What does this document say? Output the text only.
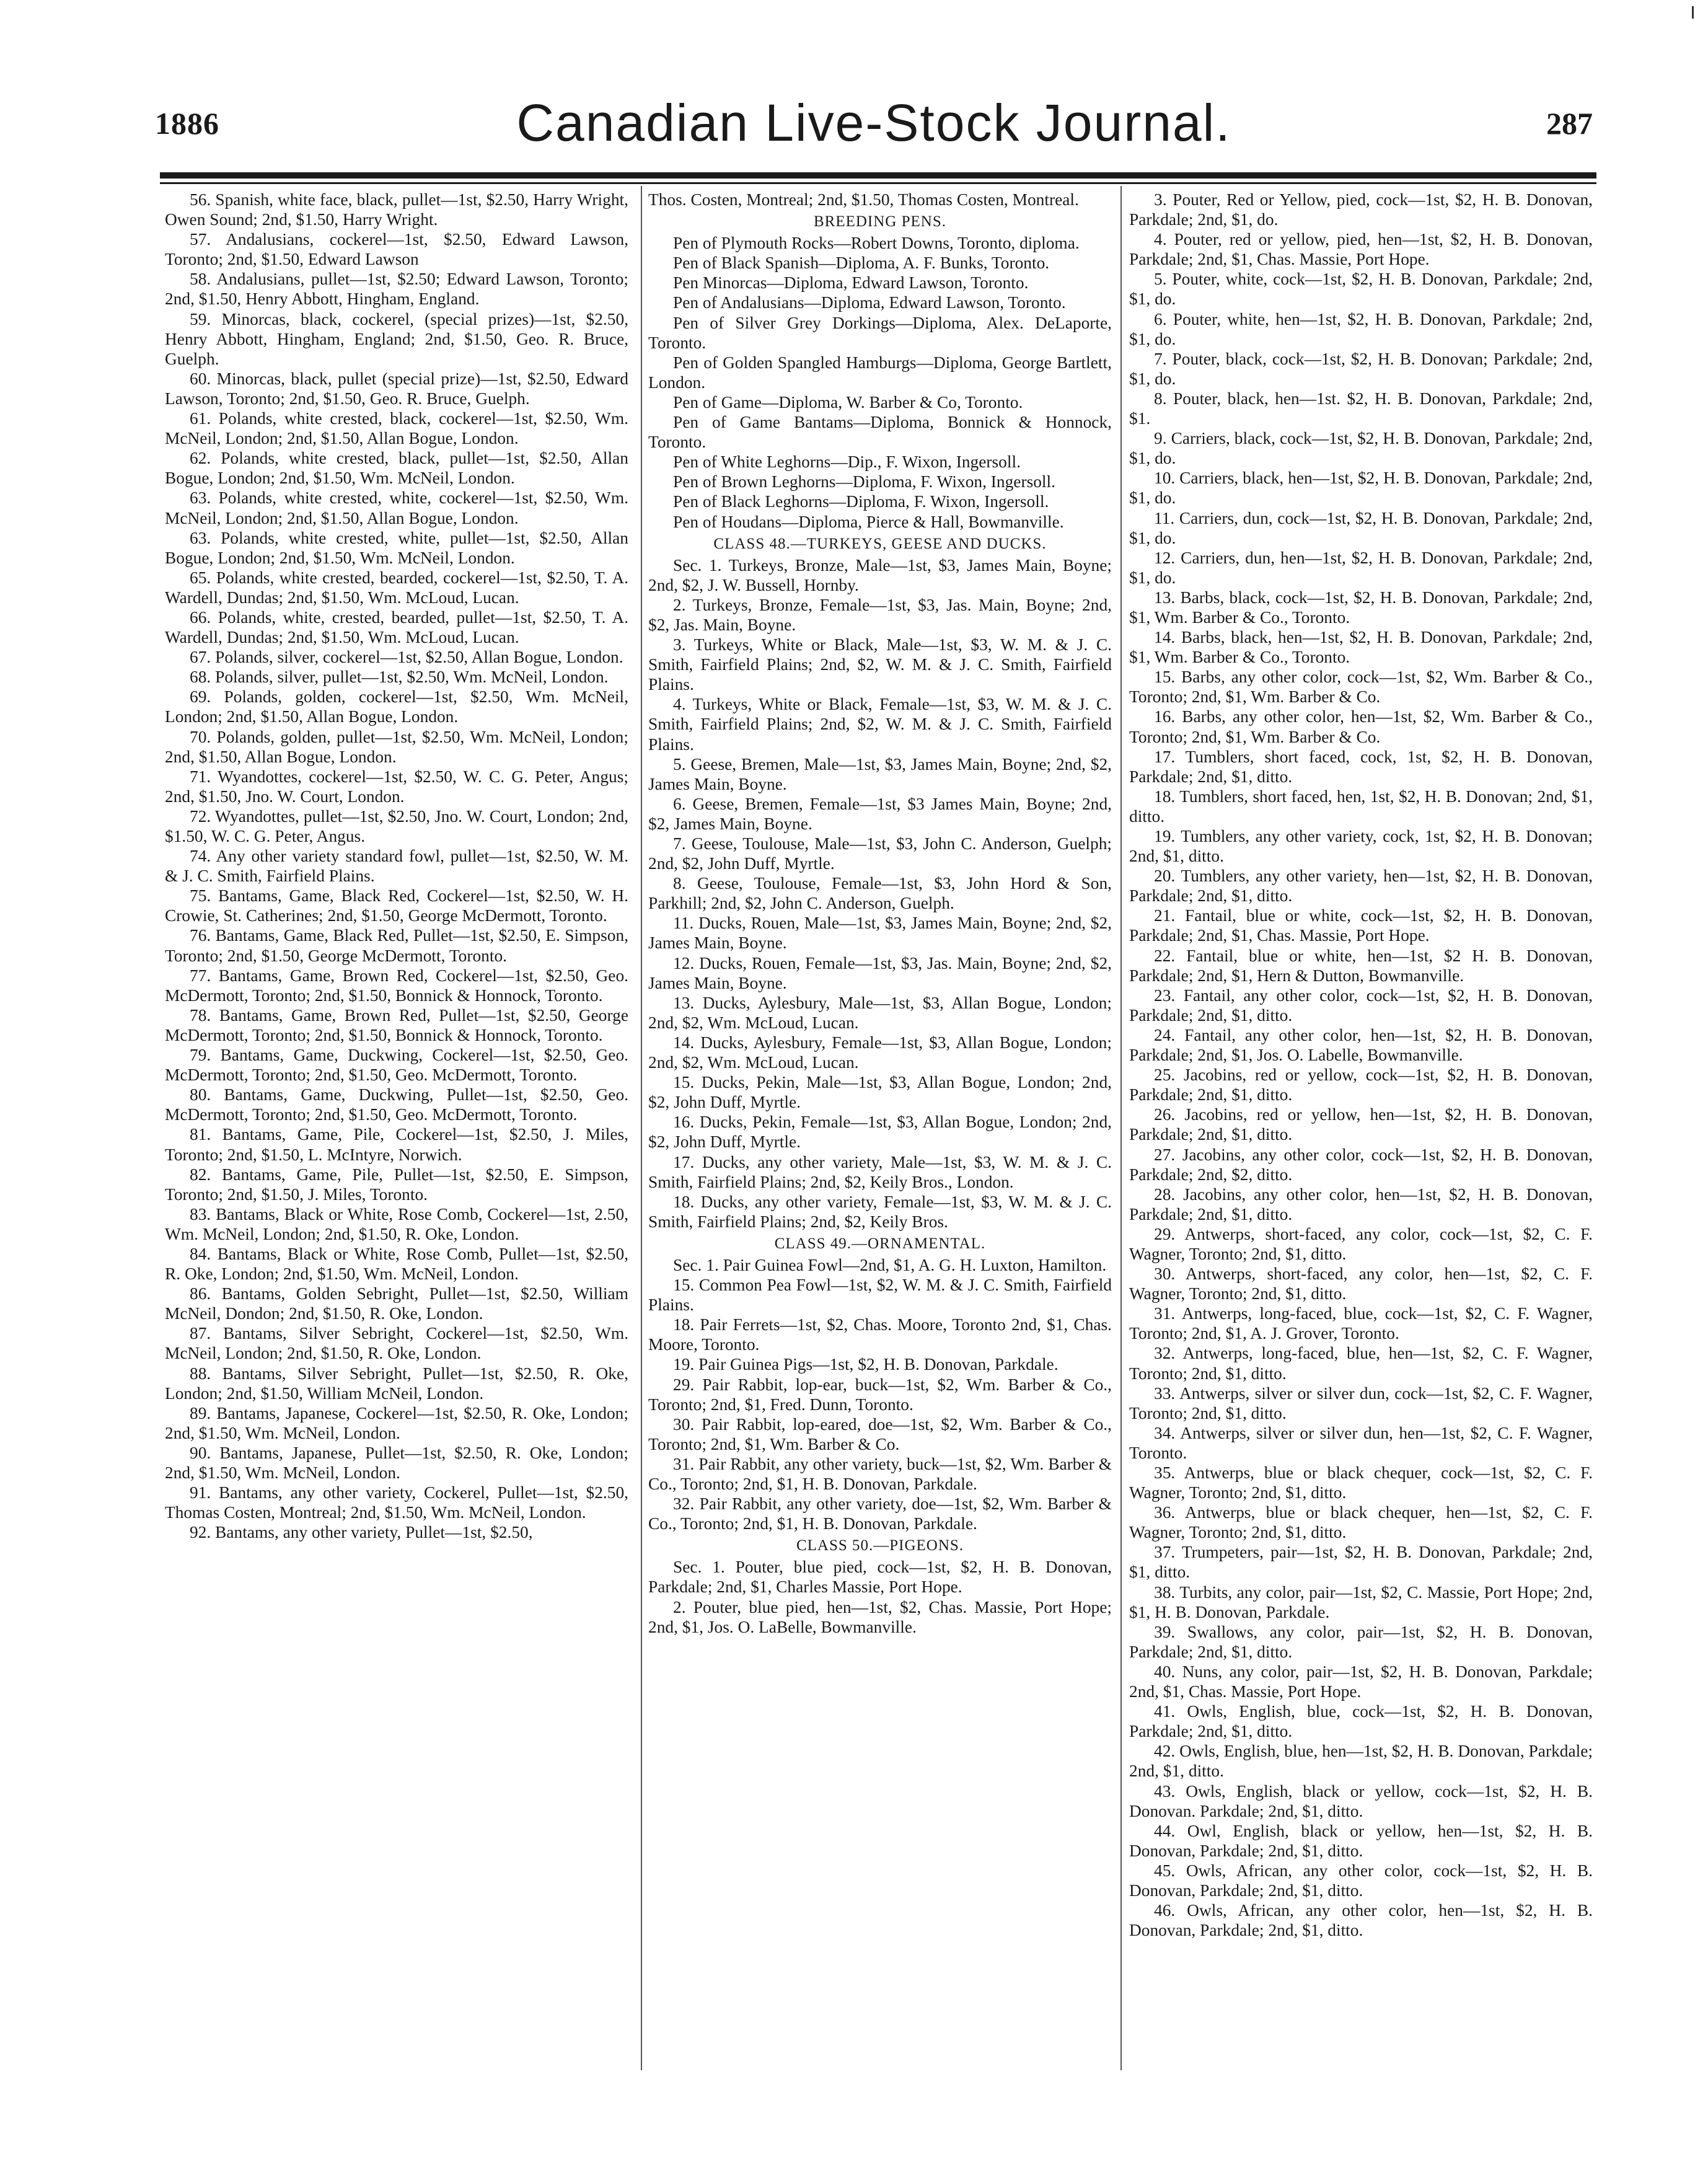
1886	Canadian Live-Stock Journal.	287

56. Spanish, white face, black, pullet—1st, $2.50, Harry Wright, Owen Sound; 2nd, $1.50, Harry Wright.

57. Andalusians, cockerel—1st, $2.50, Edward Lawson, Toronto; 2nd, $1.50, Edward Lawson

58. Andalusians, pullet—1st, $2.50; Edward Lawson, Toronto; 2nd, $1.50, Henry Abbott, Hingham, England.

59. Minorcas, black, cockerel, (special prizes)—1st, $2.50, Henry Abbott, Hingham, England; 2nd, $1.50, Geo. R. Bruce, Guelph.

60. Minorcas, black, pullet (special prize)—1st, $2.50, Edward Lawson, Toronto; 2nd, $1.50, Geo. R. Bruce, Guelph.

61. Polands, white crested, black, cockerel—1st, $2.50, Wm. McNeil, London; 2nd, $1.50, Allan Bogue, London.

62. Polands, white crested, black, pullet—1st, $2.50, Allan Bogue, London; 2nd, $1.50, Wm. McNeil, London.

63. Polands, white crested, white, cockerel—1st, $2.50, Wm. McNeil, London; 2nd, $1.50, Allan Bogue, London.

63. Polands, white crested, white, pullet—1st, $2.50, Allan Bogue, London; 2nd, $1.50, Wm. McNeil, London.

65. Polands, white crested, bearded, cockerel—1st, $2.50, T. A. Wardell, Dundas; 2nd, $1.50, Wm. McLoud, Lucan.

66. Polands, white, crested, bearded, pullet—1st, $2.50, T. A. Wardell, Dundas; 2nd, $1.50, Wm. McLoud, Lucan.

67. Polands, silver, cockerel—1st, $2.50, Allan Bogue, London.

68. Polands, silver, pullet—1st, $2.50, Wm. McNeil, London.

69. Polands, golden, cockerel—1st, $2.50, Wm. McNeil, London; 2nd, $1.50, Allan Bogue, London.

70. Polands, golden, pullet—1st, $2.50, Wm. McNeil, London; 2nd, $1.50, Allan Bogue, London.

71. Wyandottes, cockerel—1st, $2.50, W. C. G. Peter, Angus; 2nd, $1.50, Jno. W. Court, London.

72. Wyandottes, pullet—1st, $2.50, Jno. W. Court, London; 2nd, $1.50, W. C. G. Peter, Angus.

74. Any other variety standard fowl, pullet—1st, $2.50, W. M. & J. C. Smith, Fairfield Plains.

75. Bantams, Game, Black Red, Cockerel—1st, $2.50, W. H. Crowie, St. Catherines; 2nd, $1.50, George McDermott, Toronto.

76. Bantams, Game, Black Red, Pullet—1st, $2.50, E. Simpson, Toronto; 2nd, $1.50, George McDermott, Toronto.

77. Bantams, Game, Brown Red, Cockerel—1st, $2.50, Geo. McDermott, Toronto; 2nd, $1.50, Bonnick & Honnock, Toronto.

78. Bantams, Game, Brown Red, Pullet—1st, $2.50, George McDermott, Toronto; 2nd, $1.50, Bonnick & Honnock, Toronto.

79. Bantams, Game, Duckwing, Cockerel—1st, $2.50, Geo. McDermott, Toronto; 2nd, $1.50, Geo. McDermott, Toronto.

80. Bantams, Game, Duckwing, Pullet—1st, $2.50, Geo. McDermott, Toronto; 2nd, $1.50, Geo. McDermott, Toronto.

81. Bantams, Game, Pile, Cockerel—1st, $2.50, J. Miles, Toronto; 2nd, $1.50, L. McIntyre, Norwich.

82. Bantams, Game, Pile, Pullet—1st, $2.50, E. Simpson, Toronto; 2nd, $1.50, J. Miles, Toronto.

83. Bantams, Black or White, Rose Comb, Cockerel—1st, 2.50, Wm. McNeil, London; 2nd, $1.50, R. Oke, London.

84. Bantams, Black or White, Rose Comb, Pullet—1st, $2.50, R. Oke, London; 2nd, $1.50, Wm. McNeil, London.

86. Bantams, Golden Sebright, Pullet—1st, $2.50, William McNeil, Dondon; 2nd, $1.50, R. Oke, London.

87. Bantams, Silver Sebright, Cockerel—1st, $2.50, Wm. McNeil, London; 2nd, $1.50, R. Oke, London.

88. Bantams, Silver Sebright, Pullet—1st, $2.50, R. Oke, London; 2nd, $1.50, William McNeil, London.

89. Bantams, Japanese, Cockerel—1st, $2.50, R. Oke, London; 2nd, $1.50, Wm. McNeil, London.

90. Bantams, Japanese, Pullet—1st, $2.50, R. Oke, London; 2nd, $1.50, Wm. McNeil, London.

91. Bantams, any other variety, Cockerel, Pullet—1st, $2.50, Thomas Costen, Montreal; 2nd, $1.50, Wm. McNeil, London.

92. Bantams, any other variety, Pullet—1st, $2.50,

Thos. Costen, Montreal; 2nd, $1.50, Thomas Costen, Montreal.

BREEDING PENS.

Pen of Plymouth Rocks—Robert Downs, Toronto, diploma.

Pen of Black Spanish—Diploma, A. F. Bunks, Toronto.

Pen Minorcas—Diploma, Edward Lawson, Toronto.

Pen of Andalusians—Diploma, Edward Lawson, Toronto.

Pen of Silver Grey Dorkings—Diploma, Alex. DeLaporte, Toronto.

Pen of Golden Spangled Hamburgs—Diploma, George Bartlett, London.

Pen of Game—Diploma, W. Barber & Co, Toronto.

Pen of Game Bantams—Diploma, Bonnick & Honnock, Toronto.

Pen of White Leghorns—Dip., F. Wixon, Ingersoll.

Pen of Brown Leghorns—Diploma, F. Wixon, Ingersoll.

Pen of Black Leghorns—Diploma, F. Wixon, Ingersoll.

Pen of Houdans—Diploma, Pierce & Hall, Bowmanville.

CLASS 48.—TURKEYS, GEESE AND DUCKS.

Sec. 1. Turkeys, Bronze, Male—1st, $3, James Main, Boyne; 2nd, $2, J. W. Bussell, Hornby.

2. Turkeys, Bronze, Female—1st, $3, Jas. Main, Boyne; 2nd, $2, Jas. Main, Boyne.

3. Turkeys, White or Black, Male—1st, $3, W. M. & J. C. Smith, Fairfield Plains; 2nd, $2, W. M. & J. C. Smith, Fairfield Plains.

4. Turkeys, White or Black, Female—1st, $3, W. M. & J. C. Smith, Fairfield Plains; 2nd, $2, W. M. & J. C. Smith, Fairfield Plains.

5. Geese, Bremen, Male—1st, $3, James Main, Boyne; 2nd, $2, James Main, Boyne.

6. Geese, Bremen, Female—1st, $3 James Main, Boyne; 2nd, $2, James Main, Boyne.

7. Geese, Toulouse, Male—1st, $3, John C. Anderson, Guelph; 2nd, $2, John Duff, Myrtle.

8. Geese, Toulouse, Female—1st, $3, John Hord & Son, Parkhill; 2nd, $2, John C. Anderson, Guelph.

11. Ducks, Rouen, Male—1st, $3, James Main, Boyne; 2nd, $2, James Main, Boyne.

12. Ducks, Rouen, Female—1st, $3, Jas. Main, Boyne; 2nd, $2, James Main, Boyne.

13. Ducks, Aylesbury, Male—1st, $3, Allan Bogue, London; 2nd, $2, Wm. McLoud, Lucan.

14. Ducks, Aylesbury, Female—1st, $3, Allan Bogue, London; 2nd, $2, Wm. McLoud, Lucan.

15. Ducks, Pekin, Male—1st, $3, Allan Bogue, London; 2nd, $2, John Duff, Myrtle.

16. Ducks, Pekin, Female—1st, $3, Allan Bogue, London; 2nd, $2, John Duff, Myrtle.

17. Ducks, any other variety, Male—1st, $3, W. M. & J. C. Smith, Fairfield Plains; 2nd, $2, Keily Bros., London.

18. Ducks, any other variety, Female—1st, $3, W. M. & J. C. Smith, Fairfield Plains; 2nd, $2, Keily Bros.

CLASS 49.—ORNAMENTAL.

Sec. 1. Pair Guinea Fowl—2nd, $1, A. G. H. Luxton, Hamilton.

15. Common Pea Fowl—1st, $2, W. M. & J. C. Smith, Fairfield Plains.

18. Pair Ferrets—1st, $2, Chas. Moore, Toronto 2nd, $1, Chas. Moore, Toronto.

19. Pair Guinea Pigs—1st, $2, H. B. Donovan, Parkdale.

29. Pair Rabbit, lop-ear, buck—1st, $2, Wm. Barber & Co., Toronto; 2nd, $1, Fred. Dunn, Toronto.

30. Pair Rabbit, lop-eared, doe—1st, $2, Wm. Barber & Co., Toronto; 2nd, $1, Wm. Barber & Co.

31. Pair Rabbit, any other variety, buck—1st, $2, Wm. Barber & Co., Toronto; 2nd, $1, H. B. Donovan, Parkdale.

32. Pair Rabbit, any other variety, doe—1st, $2, Wm. Barber & Co., Toronto; 2nd, $1, H. B. Donovan, Parkdale.

CLASS 50.—PIGEONS.

Sec. 1. Pouter, blue pied, cock—1st, $2, H. B. Donovan, Parkdale; 2nd, $1, Charles Massie, Port Hope.

2. Pouter, blue pied, hen—1st, $2, Chas. Massie, Port Hope; 2nd, $1, Jos. O. LaBelle, Bowmanville.

3. Pouter, Red or Yellow, pied, cock—1st, $2, H. B. Donovan, Parkdale; 2nd, $1, do.

4. Pouter, red or yellow, pied, hen—1st, $2, H. B. Donovan, Parkdale; 2nd, $1, Chas. Massie, Port Hope.

5. Pouter, white, cock—1st, $2, H. B. Donovan, Parkdale; 2nd, $1, do.

6. Pouter, white, hen—1st, $2, H. B. Donovan, Parkdale; 2nd, $1, do.

7. Pouter, black, cock—1st, $2, H. B. Donovan; Parkdale; 2nd, $1, do.

8. Pouter, black, hen—1st. $2, H. B. Donovan, Parkdale; 2nd, $1.

9. Carriers, black, cock—1st, $2, H. B. Donovan, Parkdale; 2nd, $1, do.

10. Carriers, black, hen—1st, $2, H. B. Donovan, Parkdale; 2nd, $1, do.

11. Carriers, dun, cock—1st, $2, H. B. Donovan, Parkdale; 2nd, $1, do.

12. Carriers, dun, hen—1st, $2, H. B. Donovan, Parkdale; 2nd, $1, do.

13. Barbs, black, cock—1st, $2, H. B. Donovan, Parkdale; 2nd, $1, Wm. Barber & Co., Toronto.

14. Barbs, black, hen—1st, $2, H. B. Donovan, Parkdale; 2nd, $1, Wm. Barber & Co., Toronto.

15. Barbs, any other color, cock—1st, $2, Wm. Barber & Co., Toronto; 2nd, $1, Wm. Barber & Co.

16. Barbs, any other color, hen—1st, $2, Wm. Barber & Co., Toronto; 2nd, $1, Wm. Barber & Co.

17. Tumblers, short faced, cock, 1st, $2, H. B. Donovan, Parkdale; 2nd, $1, ditto.

18. Tumblers, short faced, hen, 1st, $2, H. B. Donovan; 2nd, $1, ditto.

19. Tumblers, any other variety, cock, 1st, $2, H. B. Donovan; 2nd, $1, ditto.

20. Tumblers, any other variety, hen—1st, $2, H. B. Donovan, Parkdale; 2nd, $1, ditto.

21. Fantail, blue or white, cock—1st, $2, H. B. Donovan, Parkdale; 2nd, $1, Chas. Massie, Port Hope.

22. Fantail, blue or white, hen—1st, $2 H. B. Donovan, Parkdale; 2nd, $1, Hern & Dutton, Bowmanville.

23. Fantail, any other color, cock—1st, $2, H. B. Donovan, Parkdale; 2nd, $1, ditto.

24. Fantail, any other color, hen—1st, $2, H. B. Donovan, Parkdale; 2nd, $1, Jos. O. Labelle, Bowmanville.

25. Jacobins, red or yellow, cock—1st, $2, H. B. Donovan, Parkdale; 2nd, $1, ditto.

26. Jacobins, red or yellow, hen—1st, $2, H. B. Donovan, Parkdale; 2nd, $1, ditto.

27. Jacobins, any other color, cock—1st, $2, H. B. Donovan, Parkdale; 2nd, $2, ditto.

28. Jacobins, any other color, hen—1st, $2, H. B. Donovan, Parkdale; 2nd, $1, ditto.

29. Antwerps, short-faced, any color, cock—1st, $2, C. F. Wagner, Toronto; 2nd, $1, ditto.

30. Antwerps, short-faced, any color, hen—1st, $2, C. F. Wagner, Toronto; 2nd, $1, ditto.

31. Antwerps, long-faced, blue, cock—1st, $2, C. F. Wagner, Toronto; 2nd, $1, A. J. Grover, Toronto.

32. Antwerps, long-faced, blue, hen—1st, $2, C. F. Wagner, Toronto; 2nd, $1, ditto.

33. Antwerps, silver or silver dun, cock—1st, $2, C. F. Wagner, Toronto; 2nd, $1, ditto.

34. Antwerps, silver or silver dun, hen—1st, $2, C. F. Wagner, Toronto.

35. Antwerps, blue or black chequer, cock—1st, $2, C. F. Wagner, Toronto; 2nd, $1, ditto.

36. Antwerps, blue or black chequer, hen—1st, $2, C. F. Wagner, Toronto; 2nd, $1, ditto.

37. Trumpeters, pair—1st, $2, H. B. Donovan, Parkdale; 2nd, $1, ditto.

38. Turbits, any color, pair—1st, $2, C. Massie, Port Hope; 2nd, $1, H. B. Donovan, Parkdale.

39. Swallows, any color, pair—1st, $2, H. B. Donovan, Parkdale; 2nd, $1, ditto.

40. Nuns, any color, pair—1st, $2, H. B. Donovan, Parkdale; 2nd, $1, Chas. Massie, Port Hope.

41. Owls, English, blue, cock—1st, $2, H. B. Donovan, Parkdale; 2nd, $1, ditto.

42. Owls, English, blue, hen—1st, $2, H. B. Donovan, Parkdale; 2nd, $1, ditto.

43. Owls, English, black or yellow, cock—1st, $2, H. B. Donovan. Parkdale; 2nd, $1, ditto.

44. Owl, English, black or yellow, hen—1st, $2, H. B. Donovan, Parkdale; 2nd, $1, ditto.

45. Owls, African, any other color, cock—1st, $2, H. B. Donovan, Parkdale; 2nd, $1, ditto.

46. Owls, African, any other color, hen—1st, $2, H. B. Donovan, Parkdale; 2nd, $1, ditto.
